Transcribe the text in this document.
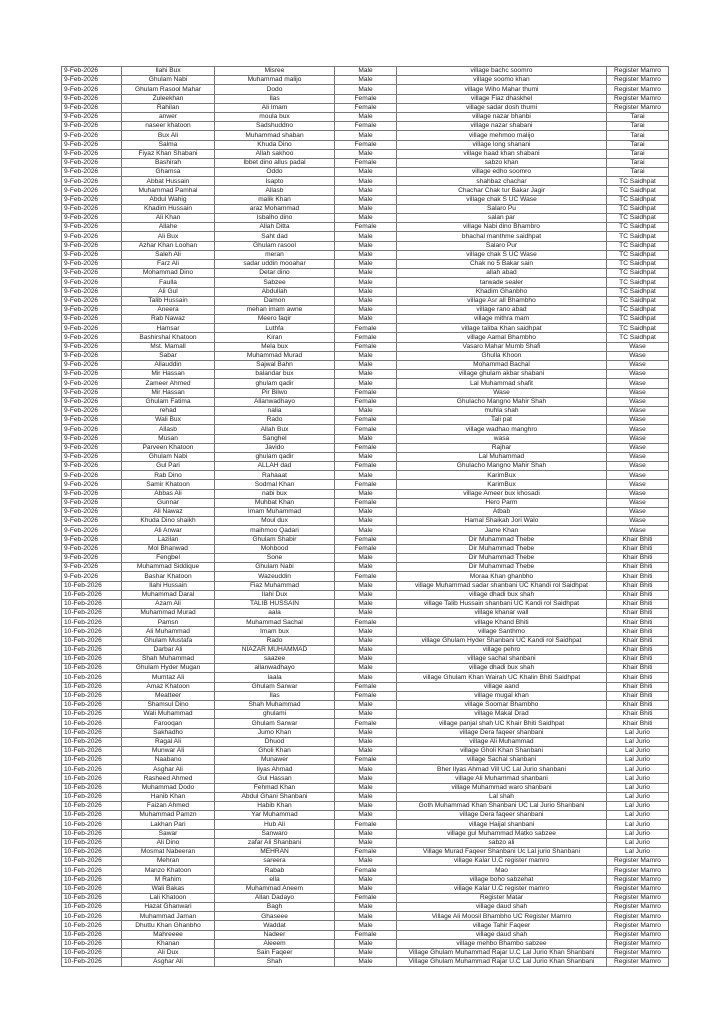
9-Feb-2026	Ilahi Bux	Misree	Male	village bachc soomro	Register Mamro
9-Feb-2026	Ghulam Nabi	Muhammad malijo	Male	village soomo khan	Register Mamro
9-Feb-2026	Ghulam Rasool Mahar	Dodo	Male	village Wiho Mahar thumi	Register Mamro
9-Feb-2026	Zuleekhan	Ilas	Female	village Fiaz dhaskhel	Register Mamro
9-Feb-2026	Rahilan	Ali Imam	Female	village sadar dosh thumi	Register Mamro
9-Feb-2026	anwer	moula bux	Male	village nazar bhanbi	Tarai
9-Feb-2026	naseer khatoon	Sadshuddno	Female	village nazar shabani	Tarai
9-Feb-2026	Bux Ali	Muhammad shaban	Male	village mehmoo malijo	Tarai
9-Feb-2026	Salma	Khuda Dino	Female	village long shanani	Tarai
9-Feb-2026	Fiyaz Khan Shabani	Allah sakhoo	Male	village haad khan shabani	Tarai
9-Feb-2026	Bashirah	Ibbet dino allus padal	Female	sabzo khan	Tarai
9-Feb-2026	Ghamsa	Oddo	Male	village edho soomro	Tarai
9-Feb-2026	Abbat Hussain	Isapto	Male	shahbaz chachar	TC Saidhpat
9-Feb-2026	Muhammad Pamhal	Allasb	Male	Chachar Chak tur Bakar Jagir	TC Saidhpat
9-Feb-2026	Abdul Wahig	malik Khan	Male	village chak S UC Wase	TC Saidhpat
9-Feb-2026	Khadim Hussain	araz Mohammad	Male	Salaro Pu	TC Saidhpat
9-Feb-2026	Ali Khan	Isbalho dino	Male	salan par	TC Saidhpat
9-Feb-2026	Allahe	Allah Ditta	Female	village Nabi dino Bhambro	TC Saidhpat
9-Feb-2026	Ali Bux	Saht dad	Male	bhachal manthme saidhpat	TC Saidhpat
9-Feb-2026	Azhar Khan Loohan	Ghulam rasool	Male	Salaro Pur	TC Saidhpat
9-Feb-2026	Saleh Ali	meran	Male	village chak S UC Wase	TC Saidhpat
9-Feb-2026	Farz Ali	sadar uddin mooahar	Male	Chak no 5 Bakar sain	TC Saidhpat
9-Feb-2026	Mohammad Dino	Detar dino	Male	allah abad	TC Saidhpat
9-Feb-2026	Faulla	Sabzee	Male	tarwade sealer	TC Saidhpat
9-Feb-2026	Ali Gul	Abdullah	Male	Khadim Ghanbho	TC Saidhpat
9-Feb-2026	Talib Hussain	Damon	Male	village Asr all Bhambho	TC Saidhpat
9-Feb-2026	Aneera	mehan imam awne	Male	village rano abad	TC Saidhpat
9-Feb-2026	Rab Nawaz	Meero faqir	Male	village mithra mam	TC Saidhpat
9-Feb-2026	Hamsar	Luthfa	Female	village taliba Khan saidhpat	TC Saidhpat
9-Feb-2026	Bashirshal Khatoon	Kiran	Female	village Aamal Bhambho	TC Saidhpat
9-Feb-2026	Mst. Mamall	Mela bux	Female	Vasaro Mahar Mumb Shafi	Wase
9-Feb-2026	Sabar	Muhammad Murad	Male	Ghulla Khoon	Wase
9-Feb-2026	Allauddin	Sajwal Bahn	Male	Mohammad Bachal	Wase
9-Feb-2026	Mir Hassan	balandar bux	Male	village ghulam akbar shabani	Wase
9-Feb-2026	Zameer Ahmed	ghulam qadir	Male	Lal Muhammad shafit	Wase
9-Feb-2026	Mir Hassan	Pir Bilwo	Female	Wase	Wase
9-Feb-2026	Ghulam Fatima	Allanwadhayo	Female	Ghulacho Mangno Mahir Shah	Wase
9-Feb-2026	rehad	nalia	Male	muhla shah	Wase
9-Feb-2026	Wali Bux	Rado	Female	Tali pat	Wase
9-Feb-2026	Allasb	Allah Bux	Female	village wadhao manghro	Wase
9-Feb-2026	Musan	Sanghel	Male	wasa	Wase
9-Feb-2026	Parveen Khatoon	Javido	Female	Rajhar	Wase
9-Feb-2026	Ghulam Nabi	ghulam qadir	Male	Lal Muhammad	Wase
9-Feb-2026	Gul Pari	ALLAH dad	Female	Ghulacho Mangno Mahir Shah	Wase
9-Feb-2026	Rab Dino	Rahaaat	Male	KarimBux	Wase
9-Feb-2026	Samir Khatoon	Sodmal Khan	Female	KarimBux	Wase
9-Feb-2026	Abbas Ali	nabi bux	Male	village Ameer bux khosadi	Wase
9-Feb-2026	Gunnar	Muhbat Khan	Female	Hero Parm	Wase
9-Feb-2026	Ali Nawaz	Imam Muhammad	Male	Atbab	Wase
9-Feb-2026	Khuda Dino shaikh	Moul dux	Male	Hamal Shaikah Jori Walo	Wase
9-Feb-2026	Ali Anwar	maihmoo Qadari	Male	Jame Khan	Wase
9-Feb-2026	Lazilan	Ghulam Shabir	Female	Dir Muhammad Thebe	Khair Bhiti
9-Feb-2026	Mol Bhanwad	Mohbood	Female	Dir Muhammad Thebe	Khair Bhiti
9-Feb-2026	Fengbel	Sone	Male	Dir Muhammad Thebe	Khair Bhiti
9-Feb-2026	Muhammad Siddique	Ghulam Nabi	Male	Dir Muhammad Thebe	Khair Bhiti
9-Feb-2026	Bashar Khatoon	Wazeuddin	Female	Moraa Khan ghanbho	Khair Bhiti
10-Feb-2026	Ilahi Hussain	Fiaz Muhammad	Male	village Muhammad sadar shanbani UC Khandi rol Saidhpat	Khair Bhiti
10-Feb-2026	Muhammad Daral	Ilahi Dux	Male	village dhadi bux shah	Khair Bhiti
10-Feb-2026	Azam Ali	TALIB HUSSAIN	Male	village Talib Hussain shanbani UC Kandi rol Saidhpat	Khair Bhiti
10-Feb-2026	Muhammad Murad	aala	Male	village khanar wall	Khair Bhiti
10-Feb-2026	Pamsn	Muhammad Sachal	Female	village Khand Bhiti	Khair Bhiti
10-Feb-2026	Ali Muhammad	Imam bux	Male	village Santhmo	Khair Bhiti
10-Feb-2026	Ghulam Mustafa	Rado	Male	village Ghulam Hyder Shanbani UC Kandi rol Saidhpat	Khair Bhiti
10-Feb-2026	Darbar Ali	NIAZAR MUHAMMAD	Male	village pehro	Khair Bhiti
10-Feb-2026	Shah Muhammad	saazee	Male	village sachal shanbani	Khair Bhiti
10-Feb-2026	Ghulam Hyder Mugan	allanwadhayo	Male	village dhadi bux shah	Khair Bhiti
10-Feb-2026	Mumtaz Ali	Iaala	Male	village Ghulam Khan Wairah UC Khalin Bhiti Saidhpat	Khair Bhiti
10-Feb-2026	Amaz Khatoon	Ghulam Sarwar	Female	village aand	Khair Bhiti
10-Feb-2026	Meatteer	Ilas	Female	village mugal khan	Khair Bhiti
10-Feb-2026	Shamsul Dino	Shah Muhammad	Male	village Soomar Bhambho	Khair Bhiti
10-Feb-2026	Wali Muhammad	ghulami	Male	village Makal Drad	Khair Bhiti
10-Feb-2026	Farooqan	Ghulam Sarwar	Female	village panjal shah UC Khair Bhiti Saidhpat	Khair Bhiti
10-Feb-2026	Sakhadho	Jumo Khan	Male	village Dera faqeer shanbani	Lal Jurio
10-Feb-2026	Ragal Ali	Dhuod	Male	village Ali Muhammad	Lal Jurio
10-Feb-2026	Munwar Ali	Gholi Khan	Male	village Gholi Khan Shanbani	Lal Jurio
10-Feb-2026	Naabano	Munawer	Female	village Sachal shanbani	Lal Jurio
10-Feb-2026	Asghar Ali	Ilyas Ahmad	Male	Bher Ilyas Ahmad Vill UC Lal Jurio shanbani	Lal Jurio
10-Feb-2026	Rasheed Ahmed	Gul Hassan	Male	village Ali Muhammad shanbani	Lal Jurio
10-Feb-2026	Muhammad Dodo	Fehmad Khan	Male	village Muhammad waro shanbani	Lal Jurio
10-Feb-2026	Hanib Khan	Abdul Ghani Shanbani	Male	Lal shah	Lal Jurio
10-Feb-2026	Faizan Ahmed	Habib Khan	Male	Goth Muhammad Khan Shanbani UC Lal Jurio Shanbani	Lal Jurio
10-Feb-2026	Muhammad Pamzn	Yar Muhammad	Male	village Dera faqeer shanbani	Lal Jurio
10-Feb-2026	Lakhan Pari	Hub Ali	Female	village Haijal shanbani	Lal Jurio
10-Feb-2026	Sawar	Sanwaro	Male	village gul Muhammad Matko sabzee	Lal Jurio
10-Feb-2026	Ali Dino	zafar Ali Shanbani	Male	sabzo ali	Lal Jurio
10-Feb-2026	Mosmat Nabeeran	MEHRAN	Female	Village Murad Faqeer Shanbani Uc Lal jurio Shanbani	Lal Jurio
10-Feb-2026	Mehran	sareera	Male	village Kalar U.C register mamro	Register Mamro
10-Feb-2026	Manzo Khatoon	Rabab	Female	Mao	Register Mamro
10-Feb-2026	M Rahim	ella	Male	village boho sabzehat	Register Mamro
10-Feb-2026	Wali Bakas	Muhammad Aneem	Male	village Kalar U.C register mamro	Register Mamro
10-Feb-2026	Lali Khatoon	Allan Dadayo	Female	Register Matar	Register Mamro
10-Feb-2026	Hazat Ghanwari	Bagh	Male	village daud shah	Register Mamro
10-Feb-2026	Muhammad Jaman	Ghaseee	Male	Village Ali Moosil Bhambho UC Register Mamro	Register Mamro
10-Feb-2026	Dhuttu Khan Ghanbho	Waddat	Male	village Tahir Faqeer	Register Mamro
10-Feb-2026	Mahreeee	Nadeer	Female	village daud shah	Register Mamro
10-Feb-2026	Khanan	Aleeem	Male	village mehbo Bhambo sabzee	Register Mamro
10-Feb-2026	Ali Dux	Sain Faqeer	Male	Village Ghulam Muhammad Rajar U.C Lal Jurio Khan Shanbani	Register Mamro
10-Feb-2026	Asghar Ali	Shah	Male	Village Ghulam Muhammad Rajar U.C Lal Jurio Khan Shanbani	Register Mamro
